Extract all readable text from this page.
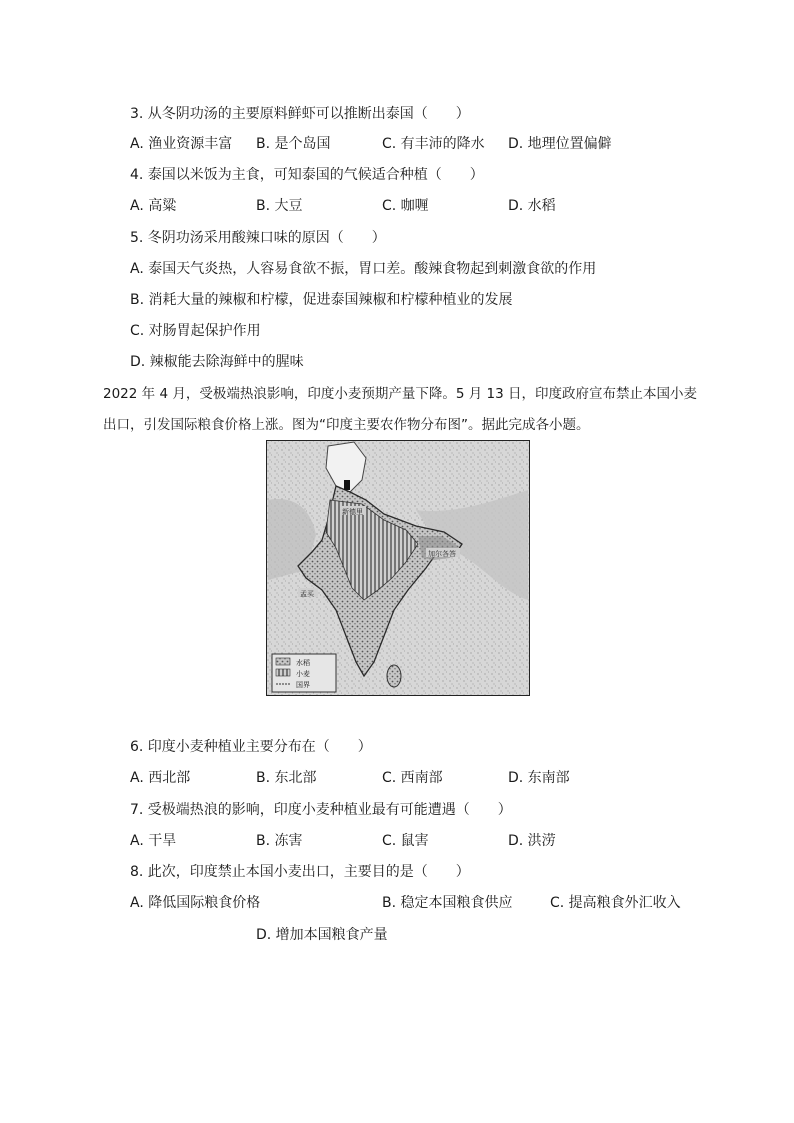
3. 从冬阴功汤的主要原料鲜虾可以推断出泰国（　　）
A. 渔业资源丰富 B. 是个岛国	C. 有丰沛的降水 D. 地理位置偏僻
4. 泰国以米饭为主食，可知泰国的气候适合种植（　　）
A. 高粱	B. 大豆	C. 咖喱	D. 水稻
5. 冬阴功汤采用酸辣口味的原因（　　）
A. 泰国天气炎热，人容易食欲不振，胃口差。酸辣食物起到刺激食欲的作用
B. 消耗大量的辣椒和柠檬，促进泰国辣椒和柠檬种植业的发展
C. 对肠胃起保护作用
D. 辣椒能去除海鲜中的腥味
2022 年 4 月，受极端热浪影响，印度小麦预期产量下降。5 月 13 日，印度政府宣布禁止本国小麦
出口，引发国际粮食价格上涨。图为“印度主要农作物分布图”。据此完成各小题。
新德里
孟买
加尔各答
水稻
小麦
国界
6. 印度小麦种植业主要分布在（　　）
A. 西北部	B. 东北部	C. 西南部	D. 东南部
7. 受极端热浪的影响，印度小麦种植业最有可能遭遇（　　）
A. 干旱	B. 冻害	C. 鼠害	D. 洪涝
8. 此次，印度禁止本国小麦出口，主要目的是（　　）
A. 降低国际粮食价格	B. 稳定本国粮食供应	C. 提高粮食外汇收入
D. 增加本国粮食产量
